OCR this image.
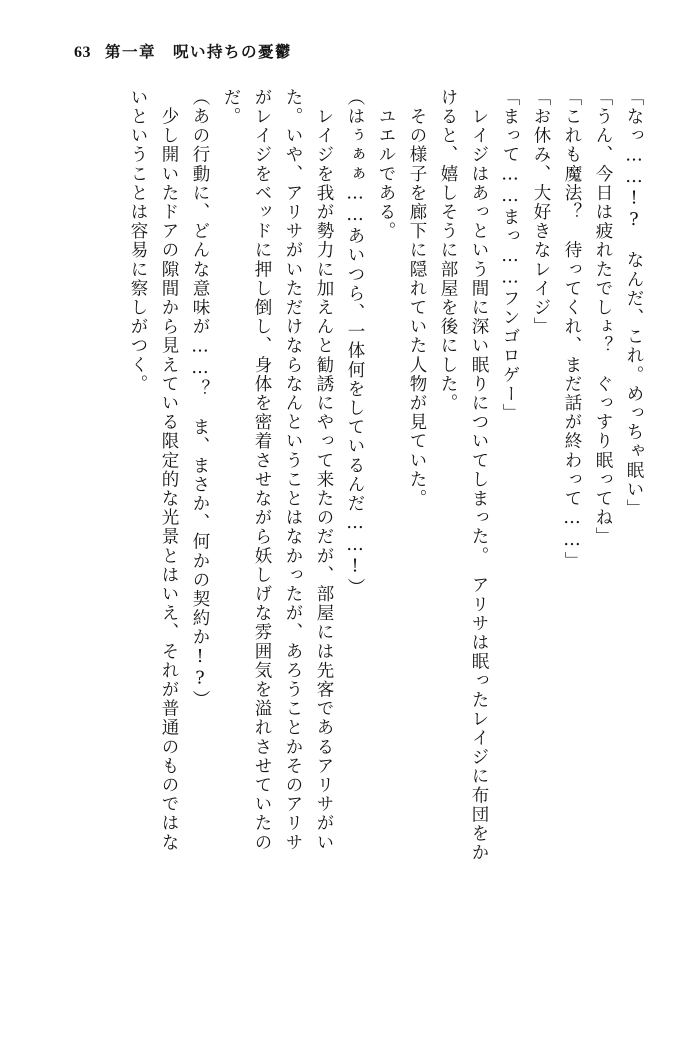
63 第一章　呪い持ちの憂鬱
「なっ……!?　なんだ、これ。めっちゃ眠い」
「うん、今日は疲れたでしょ？　ぐっすり眠ってね」
「これも魔法？　待ってくれ、まだ話が終わって……」
「お休み、大好きなレイジ」
「まって……まっ……フンゴロゲー」
　レイジはあっという間に深い眠りについてしまった。　アリサは眠ったレイジに布団をか
けると、嬉しそうに部屋を後にした。
　その様子を廊下に隠れていた人物が見ていた。
　ユエルである。
（はぅぁぁ……あいつら、一体何をしているんだ……!）
　レイジを我が勢力に加えんと勧誘にやって来たのだが、部屋には先客であるアリサがい
た。いや、アリサがいただけならなんということはなかったが、あろうことかそのアリサ
がレイジをベッドに押し倒し、身体を密着させながら妖しげな雰囲気を溢れさせていたの
だ。
（あの行動に、どんな意味が……？　ま、まさか、何かの契約か!?）
　少し開いたドアの隙間から見えている限定的な光景とはいえ、それが普通のものではな
いということは容易に察しがつく。
